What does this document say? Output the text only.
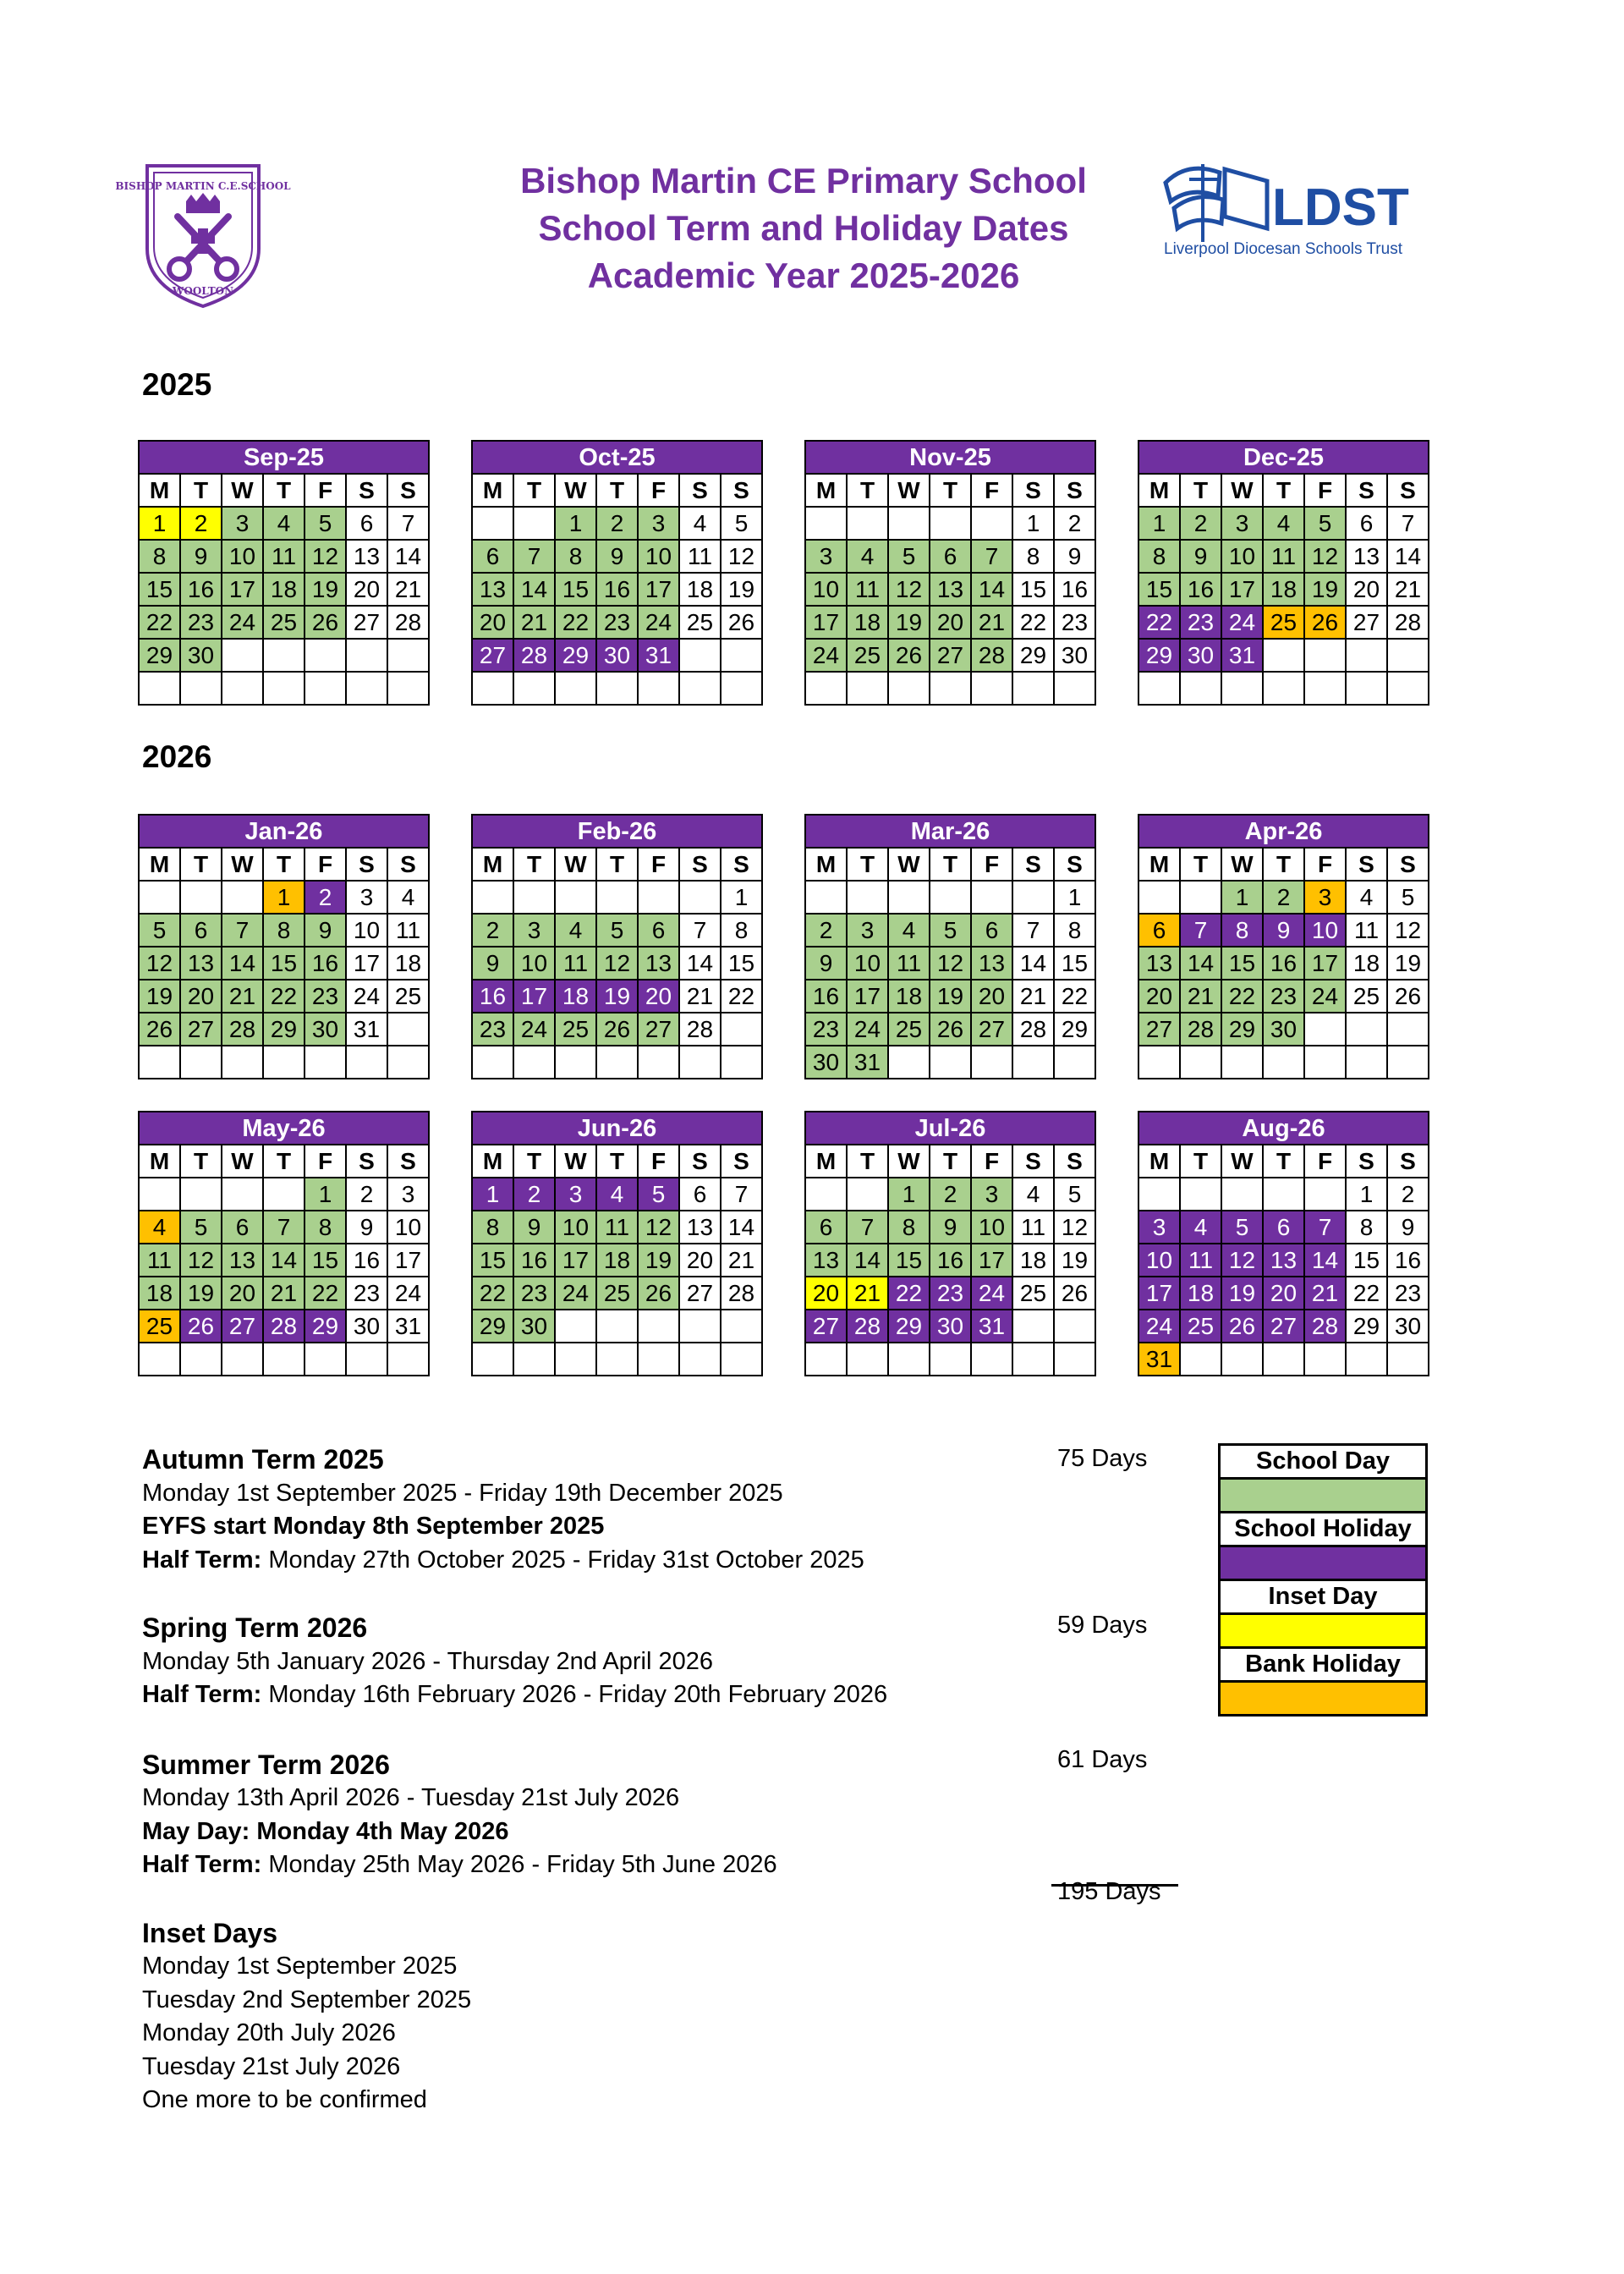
BISHOP MARTIN C.E.SCHOOL
WOOLTON
Bishop Martin CE Primary School
School Term and Holiday Dates
Academic Year 2025-2026
LDST
Liverpool Diocesan Schools Trust
2025
2026
Sep-25						
M	T	W	T	F	S	S
1	2	3	4	5	6	7
8	9	10	11	12	13	14
15	16	17	18	19	20	21
22	23	24	25	26	27	28
29	30					

Oct-25						
M	T	W	T	F	S	S
		1	2	3	4	5
6	7	8	9	10	11	12
13	14	15	16	17	18	19
20	21	22	23	24	25	26
27	28	29	30	31		

Nov-25						
M	T	W	T	F	S	S
					1	2
3	4	5	6	7	8	9
10	11	12	13	14	15	16
17	18	19	20	21	22	23
24	25	26	27	28	29	30

Dec-25						
M	T	W	T	F	S	S
1	2	3	4	5	6	7
8	9	10	11	12	13	14
15	16	17	18	19	20	21
22	23	24	25	26	27	28
29	30	31				

Jan-26						
M	T	W	T	F	S	S
			1	2	3	4
5	6	7	8	9	10	11
12	13	14	15	16	17	18
19	20	21	22	23	24	25
26	27	28	29	30	31	

Feb-26						
M	T	W	T	F	S	S
						1
2	3	4	5	6	7	8
9	10	11	12	13	14	15
16	17	18	19	20	21	22
23	24	25	26	27	28	

Mar-26						
M	T	W	T	F	S	S
						1
2	3	4	5	6	7	8
9	10	11	12	13	14	15
16	17	18	19	20	21	22
23	24	25	26	27	28	29
30	31					
Apr-26						
M	T	W	T	F	S	S
		1	2	3	4	5
6	7	8	9	10	11	12
13	14	15	16	17	18	19
20	21	22	23	24	25	26
27	28	29	30			

May-26						
M	T	W	T	F	S	S
				1	2	3
4	5	6	7	8	9	10
11	12	13	14	15	16	17
18	19	20	21	22	23	24
25	26	27	28	29	30	31

Jun-26						
M	T	W	T	F	S	S
1	2	3	4	5	6	7
8	9	10	11	12	13	14
15	16	17	18	19	20	21
22	23	24	25	26	27	28
29	30					

Jul-26						
M	T	W	T	F	S	S
		1	2	3	4	5
6	7	8	9	10	11	12
13	14	15	16	17	18	19
20	21	22	23	24	25	26
27	28	29	30	31		

Aug-26						
M	T	W	T	F	S	S
					1	2
3	4	5	6	7	8	9
10	11	12	13	14	15	16
17	18	19	20	21	22	23
24	25	26	27	28	29	30
31						
Autumn Term 2025
Monday 1st September 2025 - Friday 19th December 2025
EYFS start Monday 8th September 2025
Half Term: Monday 27th October 2025 - Friday 31st October 2025
Spring Term 2026
Monday 5th January 2026 - Thursday 2nd April 2026
Half Term: Monday 16th February 2026 - Friday 20th February 2026
Summer Term 2026
Monday 13th April 2026 - Tuesday 21st July 2026
May Day: Monday 4th May 2026
Half Term: Monday 25th May 2026 - Friday 5th June 2026
Inset Days
Monday 1st September 2025
Tuesday 2nd September 2025
Monday 20th July 2026
Tuesday 21st July 2026
One more to be confirmed
75 Days
59 Days
61 Days
195 Days
School Day

School Holiday

Inset Day

Bank Holiday
